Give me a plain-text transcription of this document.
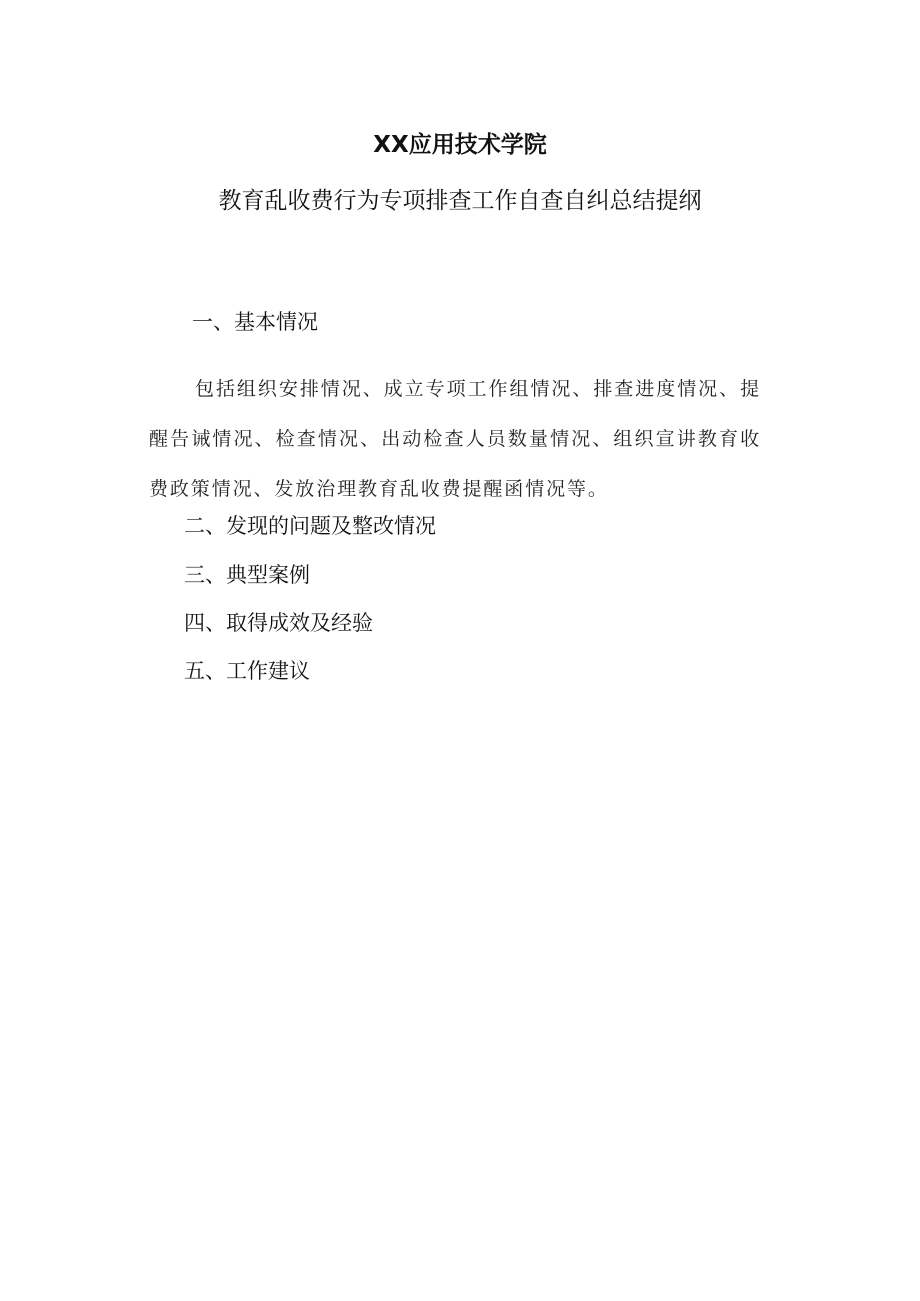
XX应用技术学院
教育乱收费行为专项排查工作自查自纠总结提纲
一、基本情况
包括组织安排情况、成立专项工作组情况、排查进度情况、提醒告诫情况、检查情况、出动检查人员数量情况、组织宣讲教育收费政策情况、发放治理教育乱收费提醒函情况等。
二、发现的问题及整改情况
三、典型案例
四、取得成效及经验
五、工作建议
